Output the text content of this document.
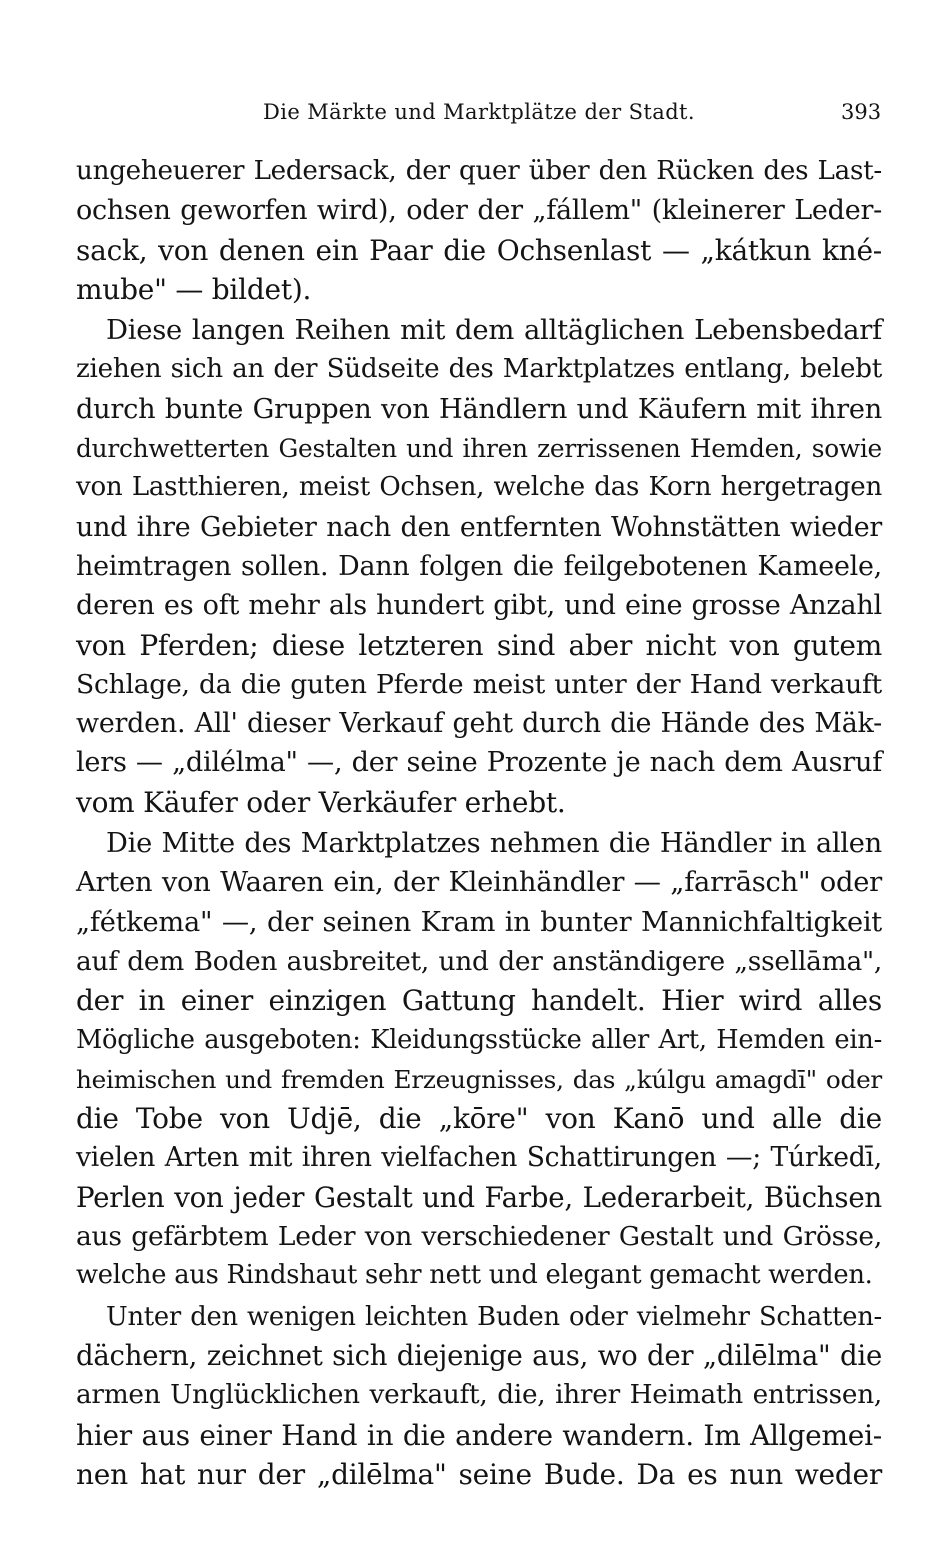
Die Märkte und Marktplätze der Stadt.	393
ungeheuerer Ledersack, der quer über den Rücken des Last-
ochsen geworfen wird), oder der „fállem" (kleinerer Leder-
sack, von denen ein Paar die Ochsenlast — „kátkun kné-
mube" — bildet).
Diese langen Reihen mit dem alltäglichen Lebensbedarf
ziehen sich an der Südseite des Marktplatzes entlang, belebt
durch bunte Gruppen von Händlern und Käufern mit ihren
durchwetterten Gestalten und ihren zerrissenen Hemden, sowie
von Lastthieren, meist Ochsen, welche das Korn hergetragen
und ihre Gebieter nach den entfernten Wohnstätten wieder
heimtragen sollen. Dann folgen die feilgebotenen Kameele,
deren es oft mehr als hundert gibt, und eine grosse Anzahl
von Pferden; diese letzteren sind aber nicht von gutem
Schlage, da die guten Pferde meist unter der Hand verkauft
werden. All' dieser Verkauf geht durch die Hände des Mäk-
lers — „dilélma" —, der seine Prozente je nach dem Ausruf
vom Käufer oder Verkäufer erhebt.
Die Mitte des Marktplatzes nehmen die Händler in allen
Arten von Waaren ein, der Kleinhändler — „farrāsch" oder
„fétkema" —, der seinen Kram in bunter Mannichfaltigkeit
auf dem Boden ausbreitet, und der anständigere „ssellāma",
der in einer einzigen Gattung handelt. Hier wird alles
Mögliche ausgeboten: Kleidungsstücke aller Art, Hemden ein-
heimischen und fremden Erzeugnisses, das „kúlgu amagdī" oder
die Tobe von Udjē, die „kōre" von Kanō und alle die
vielen Arten mit ihren vielfachen Schattirungen —; Túrkedī,
Perlen von jeder Gestalt und Farbe, Lederarbeit, Büchsen
aus gefärbtem Leder von verschiedener Gestalt und Grösse,
welche aus Rindshaut sehr nett und elegant gemacht werden.
Unter den wenigen leichten Buden oder vielmehr Schatten-
dächern, zeichnet sich diejenige aus, wo der „dilēlma" die
armen Unglücklichen verkauft, die, ihrer Heimath entrissen,
hier aus einer Hand in die andere wandern. Im Allgemei-
nen hat nur der „dilēlma" seine Bude. Da es nun weder
